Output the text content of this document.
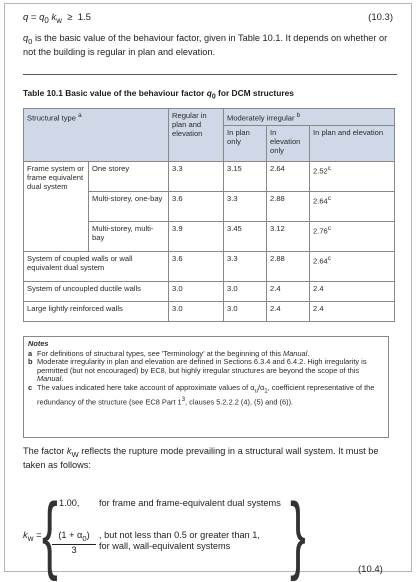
$q = q_0$ $k_w \ge 1.5$	(10.3)
$q_0$ is the basic value of the behaviour factor, given in Table 10.1. It depends on whether or not the building is regular in plan and elevation.
Table 10.1 Basic value of the behaviour factor $q_0$ for DCM structures
Structural type $^a$		Regular in plan and elevation	Moderately irregular $^b$
			In plan only	In elevation only	In plan and elevation
Frame system or frame equivalent dual system	One storey	3.3	3.15	2.64	2.52$^c$
	Multi-storey, one-bay	3.6	3.3	2.88	2.64$^c$
	Multi-storey, multi-bay	3.9	3.45	3.12	2.76$^c$
System of coupled walls or wall equivalent dual system		3.6	3.3	2.88	2.64$^c$
System of uncoupled ductile walls		3.0	3.0	2.4	2.4
Large lightly reinforced walls		3.0	3.0	2.4	2.4
Notes
a For definitions of structural types, see 'Terminology' at the beginning of this Manual.
b Moderate irregularity in plan and elevation are defined in Sections 6.3.4 and 6.4.2. High irregularity is permitted (but not encouraged) by EC8, but highly irregular structures are beyond the scope of this Manual.
c The values indicated here take account of approximate values of $\alpha_u/\alpha_1$, coefficient representative of the redundancy of the structure (see EC8 Part $1^3$, clauses 5.2.2.2 (4), (5) and (6)).
The factor $k_W$ reflects the rupture mode prevailing in a structural wall system. It must be taken as follows:
$k_w$ = {	}
1.00, for frame and frame-equivalent dual systems
$\frac{(1 + \alpha_0)}{3}$ , but not less than 0.5 or greater than 1,
for wall, wall-equivalent systems
(10.4)
